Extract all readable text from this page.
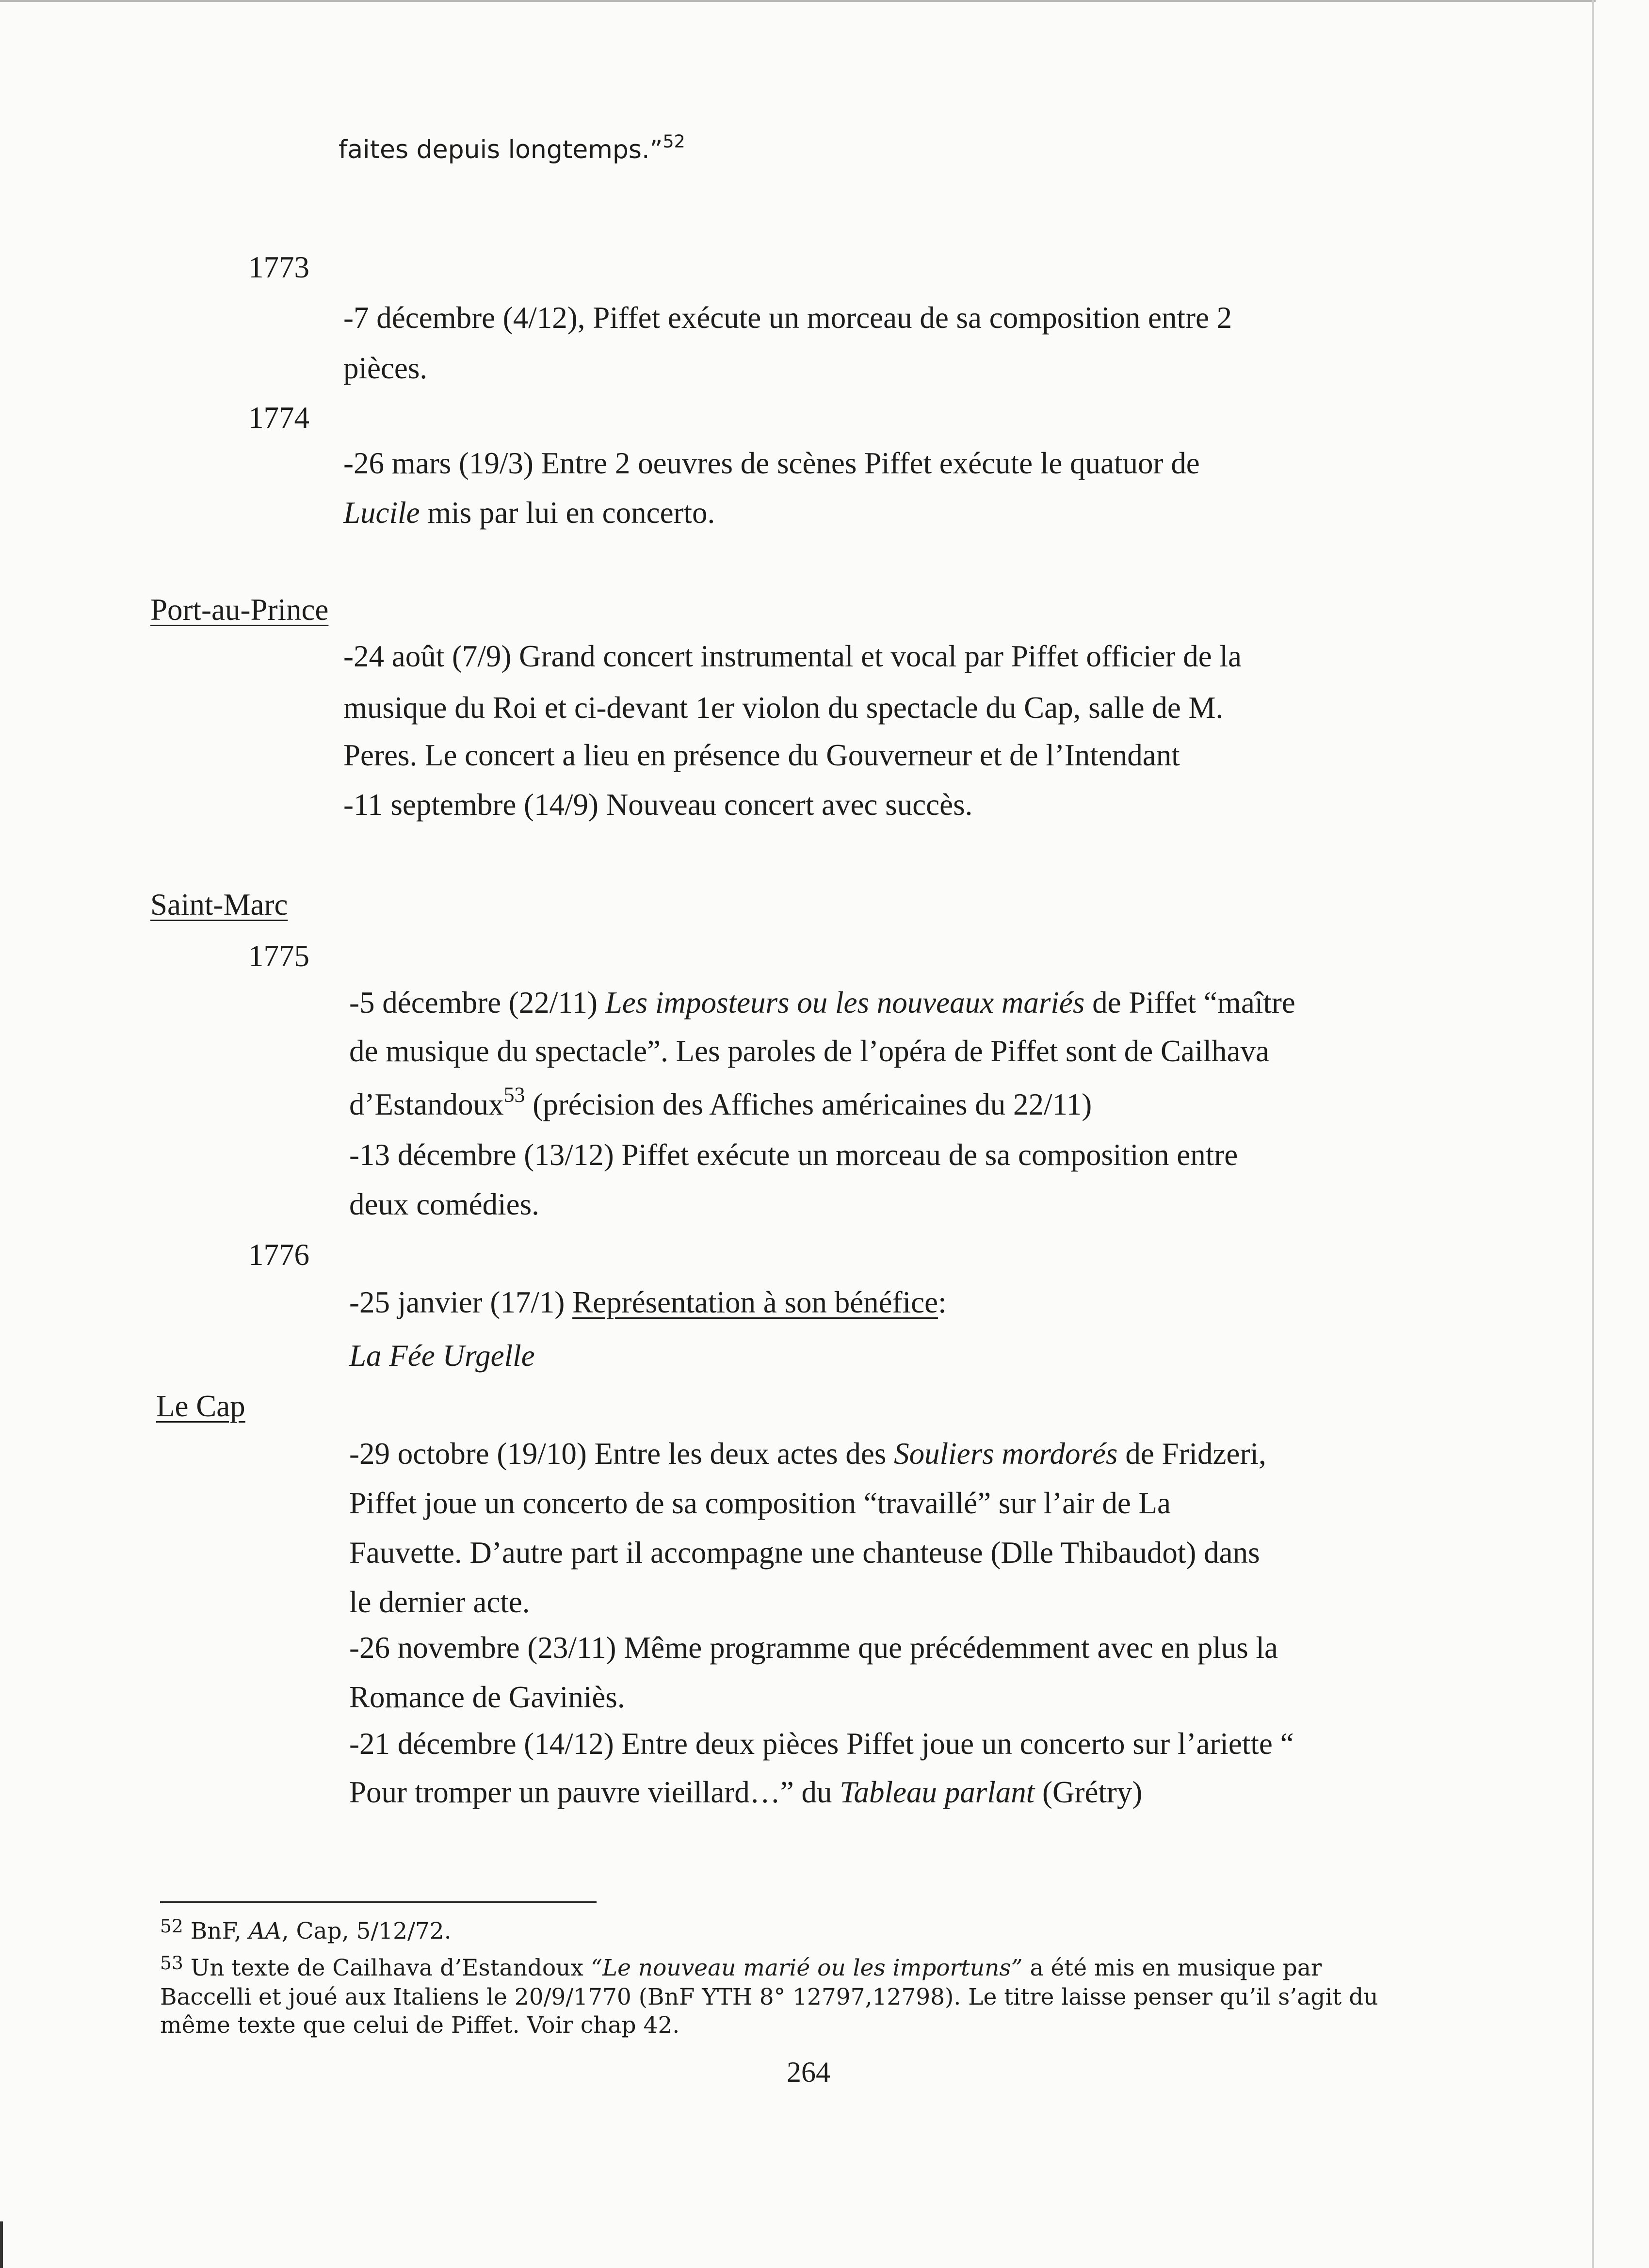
faites depuis longtemps.”$^{52}$
1773
-7 décembre (4/12), Piffet exécute un morceau de sa composition entre 2
pièces.
1774
-26 mars (19/3) Entre 2 oeuvres de scènes Piffet exécute le quatuor de
Lucile mis par lui en concerto.
Port-au-Prince
-24 août (7/9) Grand concert instrumental et vocal par Piffet officier de la
musique du Roi et ci-devant 1er violon du spectacle du Cap, salle de M.
Peres. Le concert a lieu en présence du Gouverneur et de l’Intendant
-11 septembre (14/9) Nouveau concert avec succès.
Saint-Marc
1775
-5 décembre (22/11) Les imposteurs ou les nouveaux mariés de Piffet “maître
de musique du spectacle”. Les paroles de l’opéra de Piffet sont de Cailhava
d’Estandoux$^{53}$ (précision des Affiches américaines du 22/11)
-13 décembre (13/12) Piffet exécute un morceau de sa composition entre
deux comédies.
1776
-25 janvier (17/1) Représentation à son bénéfice:
La Fée Urgelle
Le Cap
-29 octobre (19/10) Entre les deux actes des Souliers mordorés de Fridzeri,
Piffet joue un concerto de sa composition “travaillé” sur l’air de La
Fauvette. D’autre part il accompagne une chanteuse (Dlle Thibaudot) dans
le dernier acte.
-26 novembre (23/11) Même programme que précédemment avec en plus la
Romance de Gaviniès.
-21 décembre (14/12) Entre deux pièces Piffet joue un concerto sur l’ariette “
Pour tromper un pauvre vieillard…” du Tableau parlant (Grétry)
$^{52}$ BnF, AA, Cap, 5/12/72.
$^{53}$ Un texte de Cailhava d’Estandoux “Le nouveau marié ou les importuns” a été mis en musique par
Baccelli et joué aux Italiens le 20/9/1770 (BnF YTH 8° 12797,12798). Le titre laisse penser qu’il s’agit du
même texte que celui de Piffet. Voir chap 42.
264
